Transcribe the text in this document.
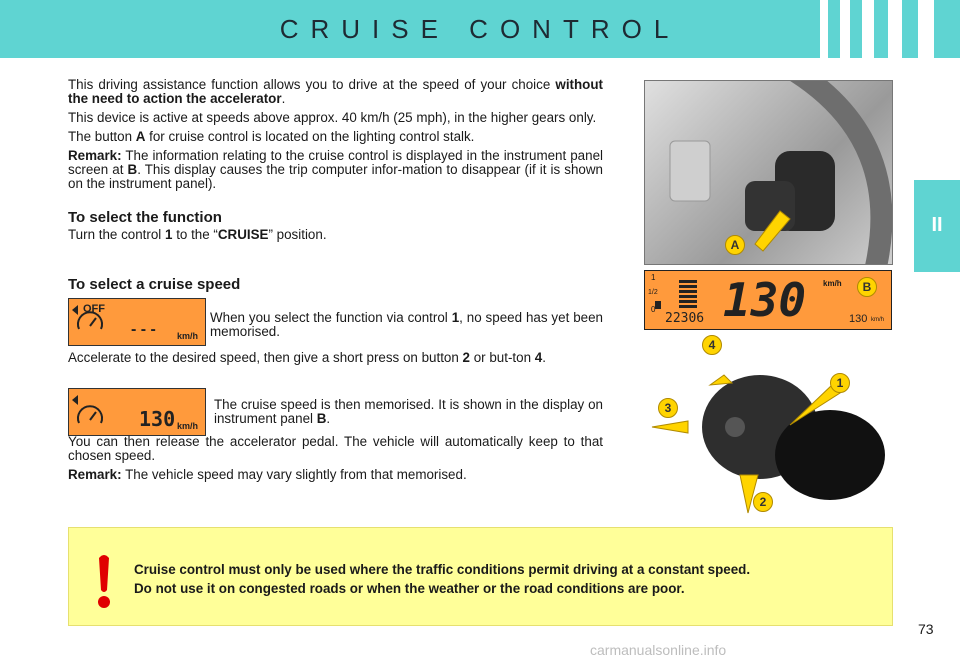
CRUISE CONTROL
II

This driving assistance function allows you to drive at the speed of your choice without the need to action the accelerator.

This device is active at speeds above approx. 40 km/h (25 mph), in the higher gears only.

The button A for cruise control is located on the lighting control stalk.

Remark: The information relating to the cruise control is displayed in the instrument panel screen at B. This display causes the trip computer infor-mation to disappear (if it is shown on the instrument panel).

To select the function

Turn the control 1 to the “CRUISE” position.

To select a cruise speed
OFF
- - - km/h

When you select the function via control 1, no speed has yet been memorised.

Accelerate to the desired speed, then give a short press on button 2 or but-ton 4.

130 km/h

The cruise speed is then memorised. It is shown in the display on instrument panel B.

You can then release the accelerator pedal. The vehicle will automatically keep to that chosen speed.

Remark: The vehicle speed may vary slightly from that memorised.

A
1
1/2
0 130 km/h
22306	130 km/h
B
4
1
3
2
Cruise control must only be used where the traffic conditions permit driving at a constant speed.
Do not use it on congested roads or when the weather or the road conditions are poor.
73
carmanualsonline.info
